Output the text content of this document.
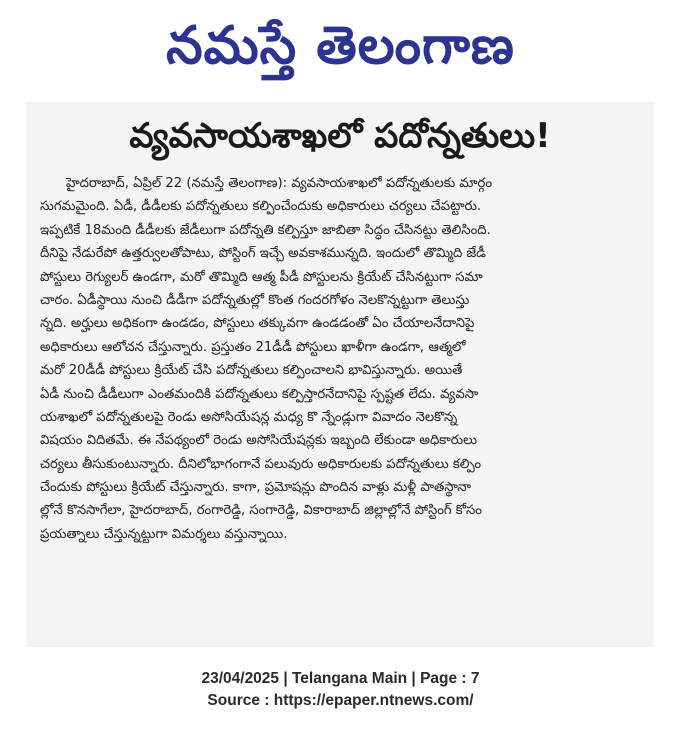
నమస్తే తెలంగాణ
వ్యవసాయశాఖలో పదోన్నతులు!
హైదరాబాద్‌, ఏప్రిల్‌ 22 (నమస్తే తెలంగాణ): వ్యవసాయశాఖలో పదోన్నతులకు మార్గం
సుగమమైంది. ఏడీ, డీడీలకు పదోన్నతులు కల్పించేందుకు అధికారులు చర్యలు చేపట్టారు.
ఇప్పటికే 18మంది డీడీలకు జేడీలుగా పదోన్నతి కల్పిస్తూ జాబితా సిద్ధం చేసినట్టు తెలిసింది.
దీనిపై నేడురేపో ఉత్తర్వులతోపాటు, పోస్టింగ్‌ ఇచ్చే అవకాశమున్నది. ఇందులో తొమ్మిది జేడీ
పోస్టులు రెగ్యులర్‌ ఉండగా, మరో తొమ్మిది ఆత్మ పీడీ పోస్టులను క్రియేట్‌ చేసినట్టుగా సమా
చారం. ఏడీస్థాయి నుంచి డీడీగా పదోన్నతుల్లో కొంత గందరగోళం నెలకొన్నట్టుగా తెలుస్తు
న్నది. అర్హులు అధికంగా ఉండడం, పోస్టులు తక్కువగా ఉండడంతో ఏం చేయాలనేదానిపై
అధికారులు ఆలోచన చేస్తున్నారు. ప్రస్తుతం 21డీడీ పోస్టులు ఖాళీగా ఉండగా, ఆత్మలో
మరో 20డీడీ పోస్టులు క్రియేట్‌ చేసి పదోన్నతులు కల్పించాలని భావిస్తున్నారు. అయితే
ఏడీ నుంచి డీడీలుగా ఎంతమందికి పదోన్నతులు కల్పిస్తారనేదానిపై స్పష్టత లేదు. వ్యవసా
యశాఖలో పదోన్నతులపై రెండు అసోసియేషన్ల మధ్య కొ న్నేండ్లుగా వివాదం నెలకొన్న
విషయం విదితమే. ఈ నేపథ్యంలో రెండు అసోసియేషన్లకు ఇబ్బంది లేకుండా అధికారులు
చర్యలు తీసుకుంటున్నారు. దీనిలోభాగంగానే పలువురు అధికారులకు పదోన్నతులు కల్పిం
చేందుకు పోస్టులు క్రియేట్‌ చేస్తున్నారు. కాగా, ప్రమోషన్లు పొందిన వాళ్లు మళ్లీ పాతస్థానా
ల్లోనే కొనసాగేలా, హైదరాబాద్‌, రంగారెడ్డి, సంగారెడ్డి, వికారాబాద్‌ జిల్లాల్లోనే పోస్టింగ్‌ కోసం
ప్రయత్నాలు చేస్తున్నట్టుగా విమర్శలు వస్తున్నాయి.
23/04/2025 | Telangana Main | Page : 7
Source : https://epaper.ntnews.com/
